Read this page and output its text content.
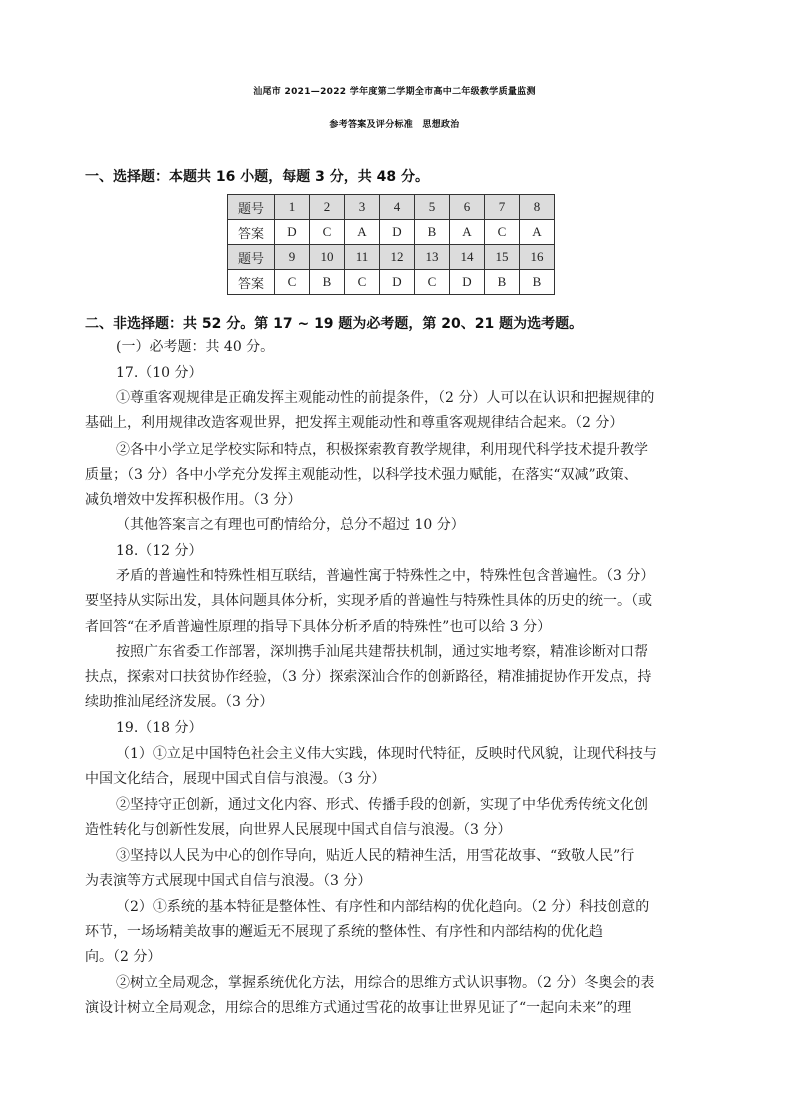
汕尾市 2021—2022 学年度第二学期全市高中二年级教学质量监测
参考答案及评分标准　思想政治
一、选择题：本题共 16 小题，每题 3 分，共 48 分。
题号	1	2	3	4	5	6	7	8
答案	D	C	A	D	B	A	C	A
题号	9	10	11	12	13	14	15	16
答案	C	B	C	D	C	D	B	B
二、非选择题：共 52 分。第 17 ~ 19 题为必考题，第 20、21 题为选考题。
(一）必考题：共 40 分。
17.（10 分）
①尊重客观规律是正确发挥主观能动性的前提条件，（2 分）人可以在认识和把握规律的
基础上，利用规律改造客观世界，把发挥主观能动性和尊重客观规律结合起来。（2 分）
②各中小学立足学校实际和特点，积极探索教育教学规律，利用现代科学技术提升教学
质量；（3 分）各中小学充分发挥主观能动性，以科学技术强力赋能，在落实“双减”政策、
减负增效中发挥积极作用。（3 分）
（其他答案言之有理也可酌情给分，总分不超过 10 分）
18.（12 分）
矛盾的普遍性和特殊性相互联结，普遍性寓于特殊性之中，特殊性包含普遍性。（3 分）
要坚持从实际出发，具体问题具体分析，实现矛盾的普遍性与特殊性具体的历史的统一。（或
者回答“在矛盾普遍性原理的指导下具体分析矛盾的特殊性”也可以给 3 分）
按照广东省委工作部署，深圳携手汕尾共建帮扶机制，通过实地考察，精准诊断对口帮
扶点，探索对口扶贫协作经验，（3 分）探索深汕合作的创新路径，精准捕捉协作开发点，持
续助推汕尾经济发展。（3 分）
19.（18 分）
（1）①立足中国特色社会主义伟大实践，体现时代特征，反映时代风貌，让现代科技与
中国文化结合，展现中国式自信与浪漫。（3 分）
②坚持守正创新，通过文化内容、形式、传播手段的创新，实现了中华优秀传统文化创
造性转化与创新性发展，向世界人民展现中国式自信与浪漫。（3 分）
③坚持以人民为中心的创作导向，贴近人民的精神生活，用雪花故事、“致敬人民”行
为表演等方式展现中国式自信与浪漫。（3 分）
（2）①系统的基本特征是整体性、有序性和内部结构的优化趋向。（2 分）科技创意的
环节，一场场精美故事的邂逅无不展现了系统的整体性、有序性和内部结构的优化趋
向。（2 分）
②树立全局观念，掌握系统优化方法，用综合的思维方式认识事物。（2 分）冬奥会的表
演设计树立全局观念，用综合的思维方式通过雪花的故事让世界见证了“一起向未来”的理
